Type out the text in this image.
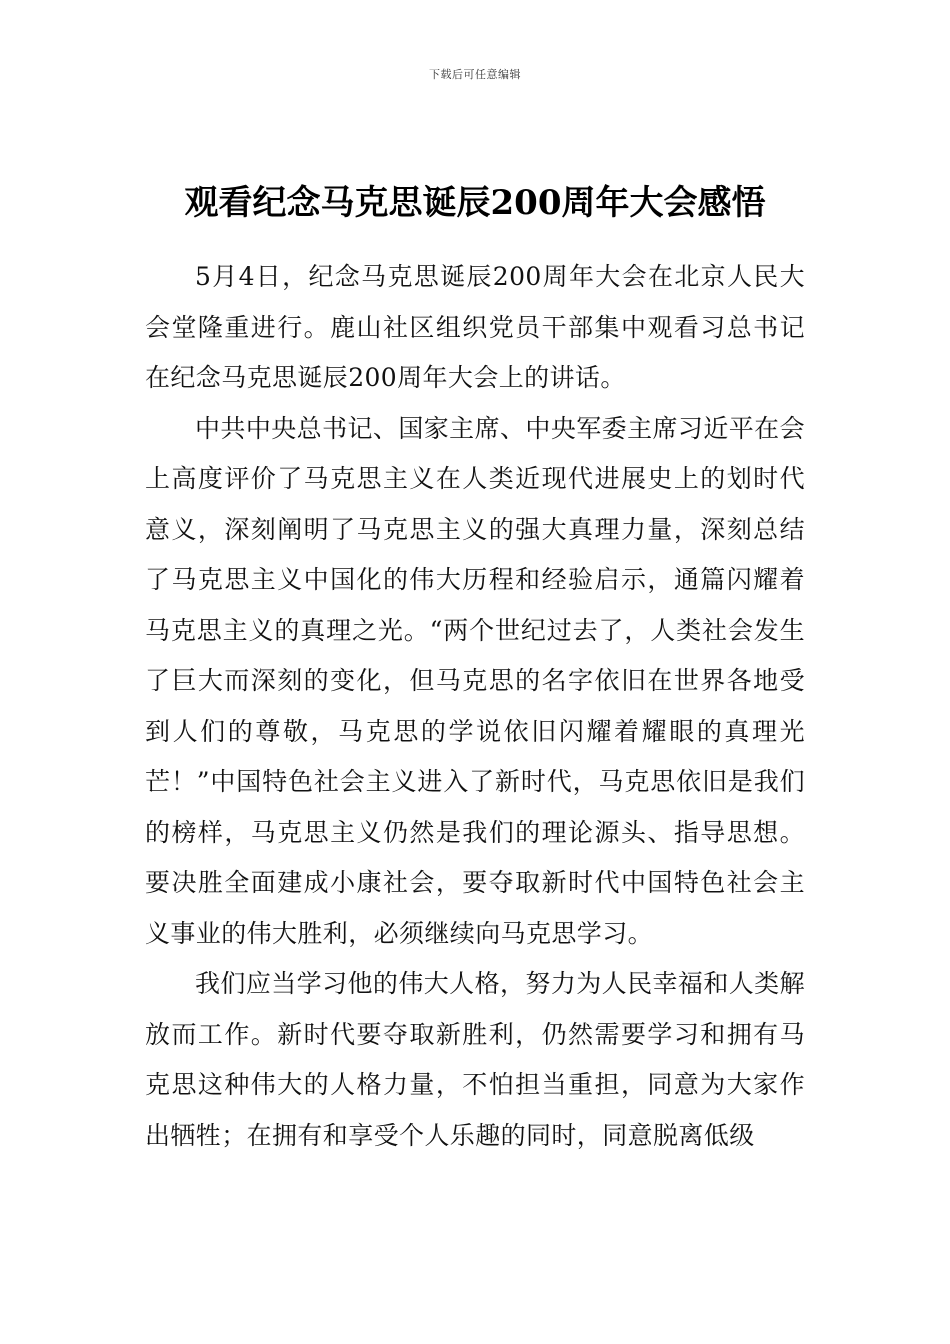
下载后可任意编辑
观看纪念马克思诞辰200周年大会感悟

5月4日，纪念马克思诞辰200周年大会在北京人民大会堂隆重进行。鹿山社区组织党员干部集中观看习总书记在纪念马克思诞辰200周年大会上的讲话。

中共中央总书记、国家主席、中央军委主席习近平在会上高度评价了马克思主义在人类近现代进展史上的划时代意义，深刻阐明了马克思主义的强大真理力量，深刻总结了马克思主义中国化的伟大历程和经验启示，通篇闪耀着马克思主义的真理之光。“两个世纪过去了，人类社会发生了巨大而深刻的变化，但马克思的名字依旧在世界各地受到人们的尊敬，马克思的学说依旧闪耀着耀眼的真理光芒！”中国特色社会主义进入了新时代，马克思依旧是我们的榜样，马克思主义仍然是我们的理论源头、指导思想。要决胜全面建成小康社会，要夺取新时代中国特色社会主义事业的伟大胜利，必须继续向马克思学习。

我们应当学习他的伟大人格，努力为人民幸福和人类解放而工作。新时代要夺取新胜利，仍然需要学习和拥有马克思这种伟大的人格力量，不怕担当重担，同意为大家作出牺牲；在拥有和享受个人乐趣的同时，同意脱离低级
